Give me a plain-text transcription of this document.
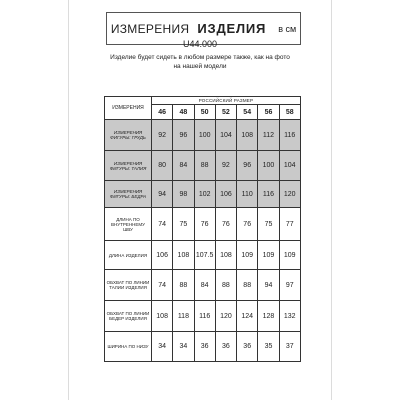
ИЗМЕРЕНИЯ ИЗДЕЛИЯ в см
U44.000
Изделие будет сидеть в любом размере также, как на фото на нашей модели
ИЗМЕРЕНИЯ	РОССИЙСКИЙ РАЗМЕР						
	46	48	50	52	54	56	58
ИЗМЕРЕНИЯ ФИГУРЫ: ГРУДЬ	92	96	100	104	108	112	116
ИЗМЕРЕНИЯ ФИГУРЫ: ТАЛИЯ	80	84	88	92	96	100	104
ИЗМЕРЕНИЯ ФИГУРЫ: БЕДРА	94	98	102	106	110	116	120
ДЛИНА ПО ВНУТРЕННЕМУ ШВУ	74	75	76	76	76	75	77
ДЛИНА ИЗДЕЛИЯ	106	108	107.5	108	109	109	109
ОБХВАТ ПО ЛИНИИ ТАЛИИ ИЗДЕЛИЯ	74	88	84	88	88	94	97
ОБХВАТ ПО ЛИНИИ БЕДЕР ИЗДЕЛИЯ	108	118	116	120	124	128	132
ШИРИНА ПО НИЗУ	34	34	36	36	36	35	37
